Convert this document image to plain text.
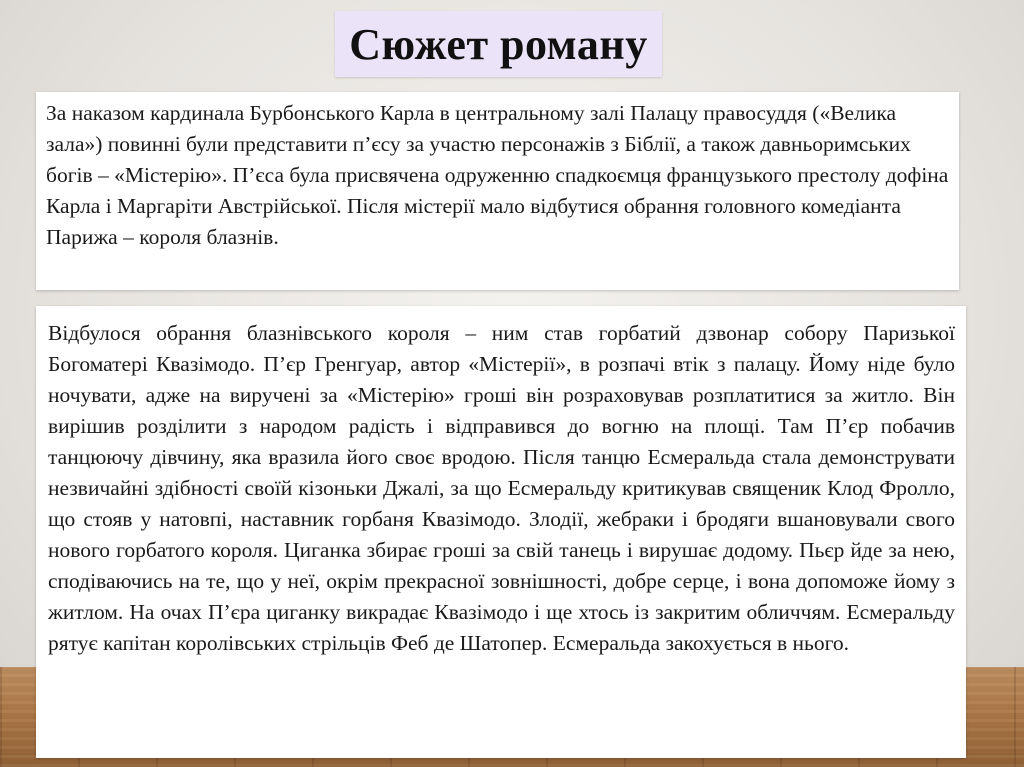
Сюжет роману

За наказом кардинала Бурбонського Карла в центральному залі Палацу правосуддя («Велика зала») повинні були представити п’єсу за участю персонажів з Біблії, а також давньоримських богів – «Містерію». П’єса була присвячена одруженню спадкоємця французького престолу дофіна Карла і Маргаріти Австрійської. Після містерії мало відбутися обрання головного комедіанта Парижа – короля блазнів.

Відбулося обрання блазнівського короля – ним став горбатий дзвонар собору Паризької Богоматері Квазімодо. П’єр Гренгуар, автор «Містерії», в розпачі втік з палацу. Йому ніде було ночувати, адже на виручені за «Містерію» гроші він розраховував розплатитися за житло. Він вирішив розділити з народом радість і відправився до вогню на площі. Там П’єр побачив танцюючу дівчину, яка вразила його своє вродою. Після танцю Есмеральда стала демонструвати незвичайні здібності своїй кізоньки Джалі, за що Есмеральду критикував священик Клод Фролло, що стояв у натовпі, наставник горбаня Квазімодо. Злодії, жебраки і бродяги вшановували свого нового горбатого короля. Циганка збирає гроші за свій танець і вирушає додому. Пьєр йде за нею, сподіваючись на те, що у неї, окрім прекрасної зовнішності, добре серце, і вона допоможе йому з житлом. На очах П’єра циганку викрадає Квазімодо і ще хтось із закритим обличчям. Есмеральду рятує капітан королівських стрільців Феб де Шатопер. Есмеральда закохується в нього.
